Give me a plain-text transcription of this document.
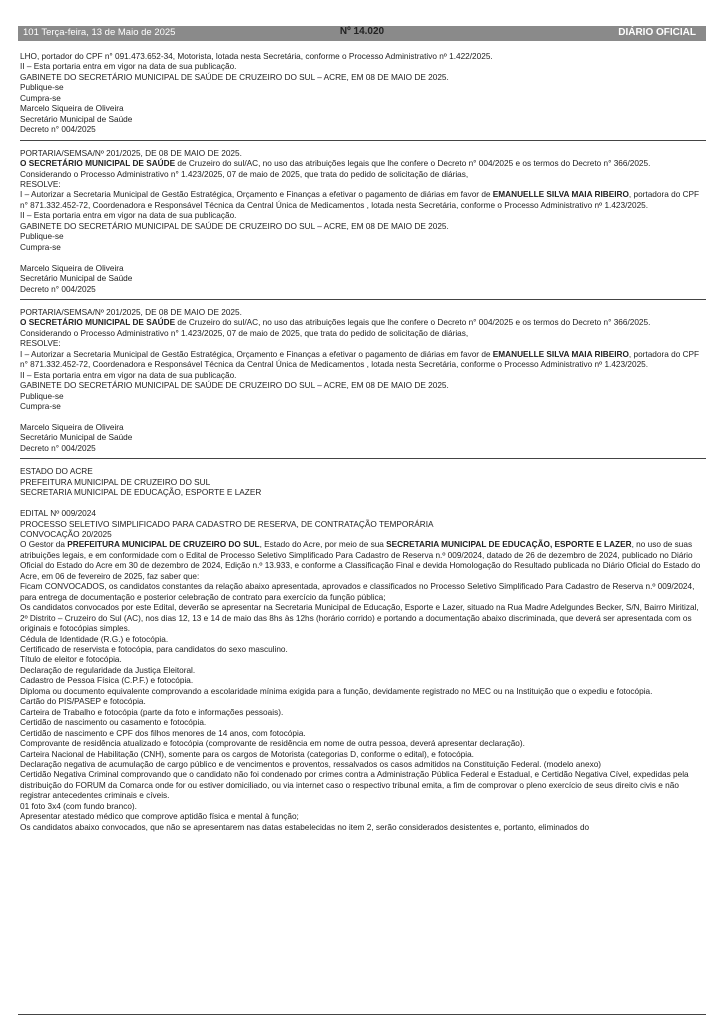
101 Terça-feira, 13 de Maio de 2025	Nº 14.020	DIÁRIO OFICIAL

LHO, portador do CPF n° 091.473.652-34, Motorista, lotada nesta Secretária, conforme o Processo Administrativo nº 1.422/2025.

II – Esta portaria entra em vigor na data de sua publicação.

GABINETE DO SECRETÁRIO MUNICIPAL DE SAÚDE DE CRUZEIRO DO SUL – ACRE, EM 08 DE MAIO DE 2025.

Publique-se

Cumpra-se

Marcelo Siqueira de Oliveira

Secretário Municipal de Saúde

Decreto n° 004/2025

PORTARIA/SEMSA/Nº 201/2025, DE 08 DE MAIO DE 2025.

O SECRETÁRIO MUNICIPAL DE SAÚDE de Cruzeiro do sul/AC, no uso das atribuições legais que lhe confere o Decreto n° 004/2025 e os termos do Decreto n° 366/2025.

Considerando o Processo Administrativo n° 1.423/2025, 07 de maio de 2025, que trata do pedido de solicitação de diárias,

RESOLVE:

I – Autorizar a Secretaria Municipal de Gestão Estratégica, Orçamento e Finanças a efetivar o pagamento de diárias em favor de EMANUELLE SILVA MAIA RIBEIRO, portadora do CPF n° 871.332.452-72, Coordenadora e Responsável Técnica da Central Única de Medicamentos , lotada nesta Secretária, conforme o Processo Administrativo nº 1.423/2025.

II – Esta portaria entra em vigor na data de sua publicação.

GABINETE DO SECRETÁRIO MUNICIPAL DE SAÚDE DE CRUZEIRO DO SUL – ACRE, EM 08 DE MAIO DE 2025.

Publique-se

Cumpra-se

Marcelo Siqueira de Oliveira

Secretário Municipal de Saúde

Decreto n° 004/2025

PORTARIA/SEMSA/Nº 201/2025, DE 08 DE MAIO DE 2025.

O SECRETÁRIO MUNICIPAL DE SAÚDE de Cruzeiro do sul/AC, no uso das atribuições legais que lhe confere o Decreto n° 004/2025 e os termos do Decreto n° 366/2025.

Considerando o Processo Administrativo n° 1.423/2025, 07 de maio de 2025, que trata do pedido de solicitação de diárias,

RESOLVE:

I – Autorizar a Secretaria Municipal de Gestão Estratégica, Orçamento e Finanças a efetivar o pagamento de diárias em favor de EMANUELLE SILVA MAIA RIBEIRO, portadora do CPF n° 871.332.452-72, Coordenadora e Responsável Técnica da Central Única de Medicamentos , lotada nesta Secretária, conforme o Processo Administrativo nº 1.423/2025.

II – Esta portaria entra em vigor na data de sua publicação.

GABINETE DO SECRETÁRIO MUNICIPAL DE SAÚDE DE CRUZEIRO DO SUL – ACRE, EM 08 DE MAIO DE 2025.

Publique-se

Cumpra-se

Marcelo Siqueira de Oliveira

Secretário Municipal de Saúde

Decreto n° 004/2025

ESTADO DO ACRE

PREFEITURA MUNICIPAL DE CRUZEIRO DO SUL

SECRETARIA MUNICIPAL DE EDUCAÇÃO, ESPORTE E LAZER

EDITAL Nº 009/2024

PROCESSO SELETIVO SIMPLIFICADO PARA CADASTRO DE RESERVA, DE CONTRATAÇÃO TEMPORÁRIA

CONVOCAÇÃO 20/2025

O Gestor da PREFEITURA MUNICIPAL DE CRUZEIRO DO SUL, Estado do Acre, por meio de sua SECRETARIA MUNICIPAL DE EDUCAÇÃO, ESPORTE E LAZER, no uso de suas atribuições legais, e em conformidade com o Edital de Processo Seletivo Simplificado Para Cadastro de Reserva n.º 009/2024, datado de 26 de dezembro de 2024, publicado no Diário Oficial do Estado do Acre em 30 de dezembro de 2024, Edição n.º 13.933, e conforme a Classificação Final e devida Homologação do Resultado publicada no Diário Oficial do Estado do Acre, em 06 de fevereiro de 2025, faz saber que:

Ficam CONVOCADOS, os candidatos constantes da relação abaixo apresentada, aprovados e classificados no Processo Seletivo Simplificado Para Cadastro de Reserva n.º 009/2024, para entrega de documentação e posterior celebração de contrato para exercício da função pública;

Os candidatos convocados por este Edital, deverão se apresentar na Secretaria Municipal de Educação, Esporte e Lazer, situado na Rua Madre Adelgundes Becker, S/N, Bairro Miritizal, 2º Distrito – Cruzeiro do Sul (AC), nos dias 12, 13 e 14 de maio das 8hs às 12hs (horário corrido) e portando a documentação abaixo discriminada, que deverá ser apresentada com os originais e fotocópias simples.

Cédula de Identidade (R.G.) e fotocópia.

Certificado de reservista e fotocópia, para candidatos do sexo masculino.

Título de eleitor e fotocópia.

Declaração de regularidade da Justiça Eleitoral.

Cadastro de Pessoa Física (C.P.F.) e fotocópia.

Diploma ou documento equivalente comprovando a escolaridade mínima exigida para a função, devidamente registrado no MEC ou na Instituição que o expediu e fotocópia.

Cartão do PIS/PASEP e fotocópia.

Carteira de Trabalho e fotocópia (parte da foto e informações pessoais).

Certidão de nascimento ou casamento e fotocópia.

Certidão de nascimento e CPF dos filhos menores de 14 anos, com fotocópia.

Comprovante de residência atualizado e fotocópia (comprovante de residência em nome de outra pessoa, deverá apresentar declaração).

Carteira Nacional de Habilitação (CNH), somente para os cargos de Motorista (categorias D, conforme o edital), e fotocópia.

Declaração negativa de acumulação de cargo público e de vencimentos e proventos, ressalvados os casos admitidos na Constituição Federal. (modelo anexo)

Certidão Negativa Criminal comprovando que o candidato não foi condenado por crimes contra a Administração Pública Federal e Estadual, e Certidão Negativa Cível, expedidas pela distribuição do FORUM da Comarca onde for ou estiver domiciliado, ou via internet caso o respectivo tribunal emita, a fim de comprovar o pleno exercício de seus direito civis e não registrar antecedentes criminais e cíveis.

01 foto 3x4 (com fundo branco).

Apresentar atestado médico que comprove aptidão física e mental à função;

Os candidatos abaixo convocados, que não se apresentarem nas datas estabelecidas no item 2, serão considerados desistentes e, portanto, eliminados do
